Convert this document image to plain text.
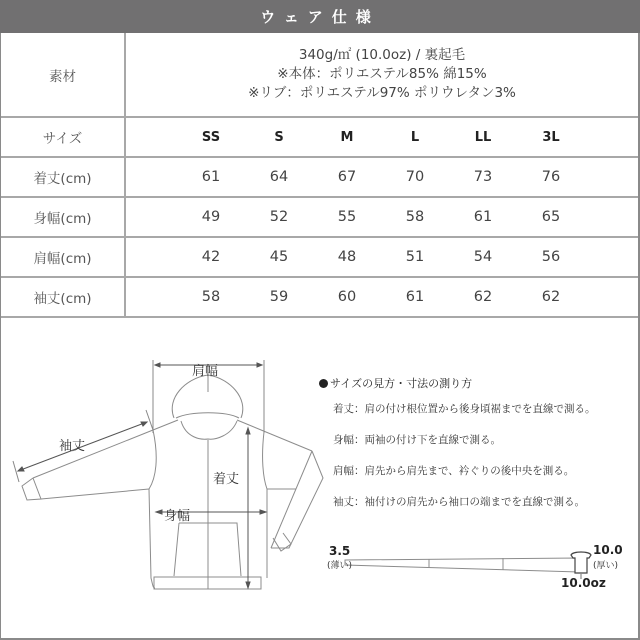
ウェア仕様
素材
340g/㎡ (10.0oz) / 裏起毛
※本体：ポリエステル85% 綿15%
※リブ：ポリエステル97% ポリウレタン3%
サイズ	SS	S	M	L	LL	3L
着丈(cm)	61	64	67	70	73	76
身幅(cm)	49	52	55	58	61	65
肩幅(cm)	42	45	48	51	54	56
袖丈(cm)	58	59	60	61	62	62
肩幅
袖丈
着丈
身幅
サイズの見方・寸法の測り方
着丈：肩の付け根位置から後身頃裾までを直線で測る。
身幅：両袖の付け下を直線で測る。
肩幅：肩先から肩先まで、衿ぐりの後中央を測る。
袖丈：袖付けの肩先から袖口の端までを直線で測る。
3.5
(薄い)
10.0
(厚い)
10.0oz
